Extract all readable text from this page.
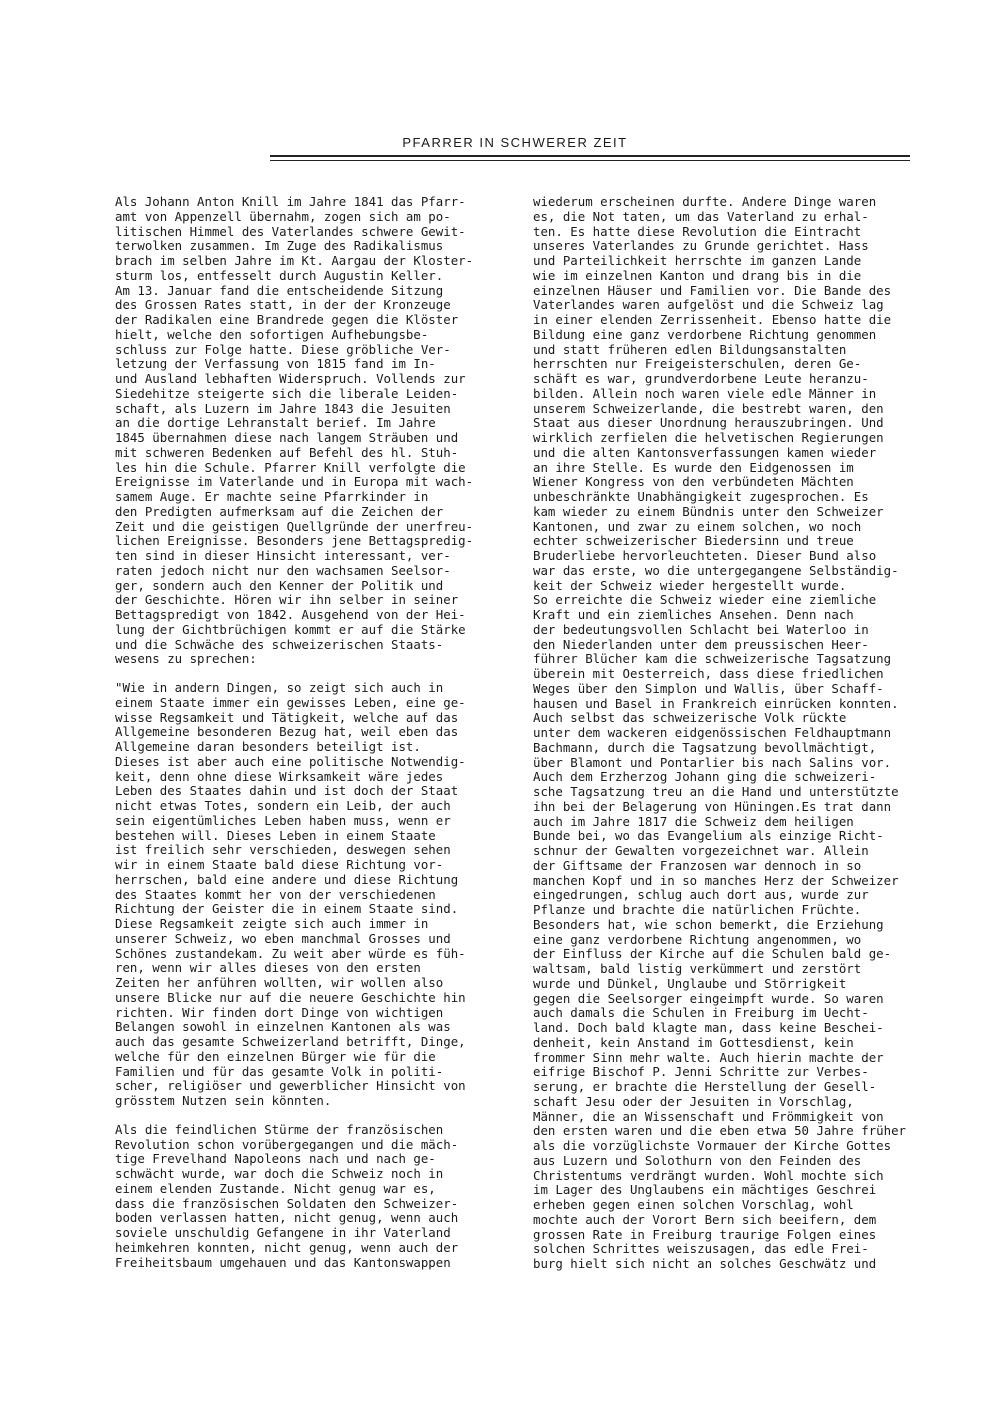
PFARRER IN SCHWERER ZEIT
Als Johann Anton Knill im Jahre 1841 das Pfarr-
amt von Appenzell übernahm, zogen sich am po-
litischen Himmel des Vaterlandes schwere Gewit-
terwolken zusammen. Im Zuge des Radikalismus
brach im selben Jahre im Kt. Aargau der Kloster-
sturm los, entfesselt durch Augustin Keller.
Am 13. Januar fand die entscheidende Sitzung
des Grossen Rates statt, in der der Kronzeuge
der Radikalen eine Brandrede gegen die Klöster
hielt, welche den sofortigen Aufhebungsbe-
schluss zur Folge hatte. Diese gröbliche Ver-
letzung der Verfassung von 1815 fand im In-
und Ausland lebhaften Widerspruch. Vollends zur
Siedehitze steigerte sich die liberale Leiden-
schaft, als Luzern im Jahre 1843 die Jesuiten
an die dortige Lehranstalt berief. Im Jahre
1845 übernahmen diese nach langem Sträuben und
mit schweren Bedenken auf Befehl des hl. Stuh-
les hin die Schule. Pfarrer Knill verfolgte die
Ereignisse im Vaterlande und in Europa mit wach-
samem Auge. Er machte seine Pfarrkinder in
den Predigten aufmerksam auf die Zeichen der
Zeit und die geistigen Quellgründe der unerfreu-
lichen Ereignisse. Besonders jene Bettagspredig-
ten sind in dieser Hinsicht interessant, ver-
raten jedoch nicht nur den wachsamen Seelsor-
ger, sondern auch den Kenner der Politik und
der Geschichte. Hören wir ihn selber in seiner
Bettagspredigt von 1842. Ausgehend von der Hei-
lung der Gichtbrüchigen kommt er auf die Stärke
und die Schwäche des schweizerischen Staats-
wesens zu sprechen:
"Wie in andern Dingen, so zeigt sich auch in
einem Staate immer ein gewisses Leben, eine ge-
wisse Regsamkeit und Tätigkeit, welche auf das
Allgemeine besonderen Bezug hat, weil eben das
Allgemeine daran besonders beteiligt ist.
Dieses ist aber auch eine politische Notwendig-
keit, denn ohne diese Wirksamkeit wäre jedes
Leben des Staates dahin und ist doch der Staat
nicht etwas Totes, sondern ein Leib, der auch
sein eigentümliches Leben haben muss, wenn er
bestehen will. Dieses Leben in einem Staate
ist freilich sehr verschieden, deswegen sehen
wir in einem Staate bald diese Richtung vor-
herrschen, bald eine andere und diese Richtung
des Staates kommt her von der verschiedenen
Richtung der Geister die in einem Staate sind.
Diese Regsamkeit zeigte sich auch immer in
unserer Schweiz, wo eben manchmal Grosses und
Schönes zustandekam. Zu weit aber würde es füh-
ren, wenn wir alles dieses von den ersten
Zeiten her anführen wollten, wir wollen also
unsere Blicke nur auf die neuere Geschichte hin
richten. Wir finden dort Dinge von wichtigen
Belangen sowohl in einzelnen Kantonen als was
auch das gesamte Schweizerland betrifft, Dinge,
welche für den einzelnen Bürger wie für die
Familien und für das gesamte Volk in politi-
scher, religiöser und gewerblicher Hinsicht von
grösstem Nutzen sein könnten.
Als die feindlichen Stürme der französischen
Revolution schon vorübergegangen und die mäch-
tige Frevelhand Napoleons nach und nach ge-
schwächt wurde, war doch die Schweiz noch in
einem elenden Zustande. Nicht genug war es,
dass die französischen Soldaten den Schweizer-
boden verlassen hatten, nicht genug, wenn auch
soviele unschuldig Gefangene in ihr Vaterland
heimkehren konnten, nicht genug, wenn auch der
Freiheitsbaum umgehauen und das Kantonswappen
wiederum erscheinen durfte. Andere Dinge waren
es, die Not taten, um das Vaterland zu erhal-
ten. Es hatte diese Revolution die Eintracht
unseres Vaterlandes zu Grunde gerichtet. Hass
und Parteilichkeit herrschte im ganzen Lande
wie im einzelnen Kanton und drang bis in die
einzelnen Häuser und Familien vor. Die Bande des
Vaterlandes waren aufgelöst und die Schweiz lag
in einer elenden Zerrissenheit. Ebenso hatte die
Bildung eine ganz verdorbene Richtung genommen
und statt früheren edlen Bildungsanstalten
herrschten nur Freigeisterschulen, deren Ge-
schäft es war, grundverdorbene Leute heranzu-
bilden. Allein noch waren viele edle Männer in
unserem Schweizerlande, die bestrebt waren, den
Staat aus dieser Unordnung herauszubringen. Und
wirklich zerfielen die helvetischen Regierungen
und die alten Kantonsverfassungen kamen wieder
an ihre Stelle. Es wurde den Eidgenossen im
Wiener Kongress von den verbündeten Mächten
unbeschränkte Unabhängigkeit zugesprochen. Es
kam wieder zu einem Bündnis unter den Schweizer
Kantonen, und zwar zu einem solchen, wo noch
echter schweizerischer Biedersinn und treue
Bruderliebe hervorleuchteten. Dieser Bund also
war das erste, wo die untergegangene Selbständig-
keit der Schweiz wieder hergestellt wurde.
So erreichte die Schweiz wieder eine ziemliche
Kraft und ein ziemliches Ansehen. Denn nach
der bedeutungsvollen Schlacht bei Waterloo in
den Niederlanden unter dem preussischen Heer-
führer Blücher kam die schweizerische Tagsatzung
überein mit Oesterreich, dass diese friedlichen
Weges über den Simplon und Wallis, über Schaff-
hausen und Basel in Frankreich einrücken konnten.
Auch selbst das schweizerische Volk rückte
unter dem wackeren eidgenössischen Feldhauptmann
Bachmann, durch die Tagsatzung bevollmächtigt,
über Blamont und Pontarlier bis nach Salins vor.
Auch dem Erzherzog Johann ging die schweizeri-
sche Tagsatzung treu an die Hand und unterstützte
ihn bei der Belagerung von Hüningen.Es trat dann
auch im Jahre 1817 die Schweiz dem heiligen
Bunde bei, wo das Evangelium als einzige Richt-
schnur der Gewalten vorgezeichnet war. Allein
der Giftsame der Franzosen war dennoch in so
manchen Kopf und in so manches Herz der Schweizer
eingedrungen, schlug auch dort aus, wurde zur
Pflanze und brachte die natürlichen Früchte.
Besonders hat, wie schon bemerkt, die Erziehung
eine ganz verdorbene Richtung angenommen, wo
der Einfluss der Kirche auf die Schulen bald ge-
waltsam, bald listig verkümmert und zerstört
wurde und Dünkel, Unglaube und Störrigkeit
gegen die Seelsorger eingeimpft wurde. So waren
auch damals die Schulen in Freiburg im Uecht-
land. Doch bald klagte man, dass keine Beschei-
denheit, kein Anstand im Gottesdienst, kein
frommer Sinn mehr walte. Auch hierin machte der
eifrige Bischof P. Jenni Schritte zur Verbes-
serung, er brachte die Herstellung der Gesell-
schaft Jesu oder der Jesuiten in Vorschlag,
Männer, die an Wissenschaft und Frömmigkeit von
den ersten waren und die eben etwa 50 Jahre früher
als die vorzüglichste Vormauer der Kirche Gottes
aus Luzern und Solothurn von den Feinden des
Christentums verdrängt wurden. Wohl mochte sich
im Lager des Unglaubens ein mächtiges Geschrei
erheben gegen einen solchen Vorschlag, wohl
mochte auch der Vorort Bern sich beeifern, dem
grossen Rate in Freiburg traurige Folgen eines
solchen Schrittes weiszusagen, das edle Frei-
burg hielt sich nicht an solches Geschwätz und
